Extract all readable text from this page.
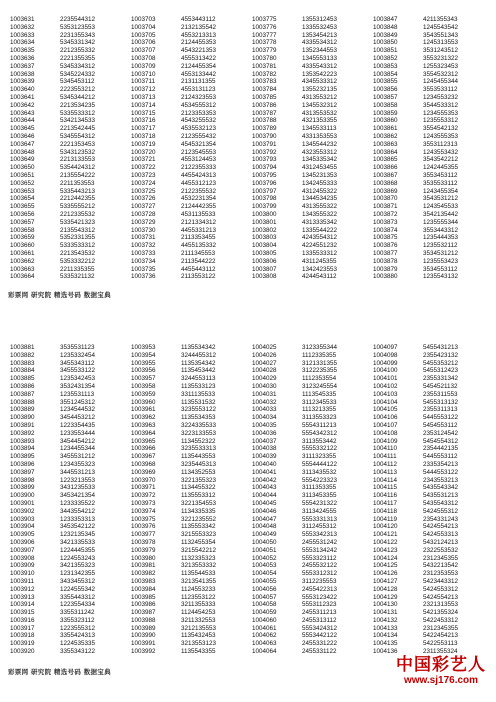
1003631	2235544312
1003632	5353123553
1003633	2231355343
1003634	5345331342
1003635	2212355332
1003636	2221355355
1003637	5345334312
1003638	5345224332
1003639	5345453112
1003640	2223553212
1003641	5345344212
1003642	2213534235
1003643	5335533312
1003644	5342134533
1003645	2213542445
1003646	5345554312
1003647	2221353453
1003648	5343123532
1003649	2213133553
1003650	5354424312
1003651	2135554222
1003652	2211353553
1003653	5335443213
1003654	2212442355
1003655	5335555212
1003656	2212335532
1003657	5335421323
1003658	2135543312
1003659	5352331355
1003660	5333533312
1003661	2213543532
1003662	5353332212
1003663	2211335355
1003664	5335321132
1003703	4553443112
1003704	2132135542
1003705	4553213313
1003706	2124455353
1003707	4543221353
1003708	4555313422
1003709	2124455354
1003710	4553133442
1003711	2131131355
1003712	4553131123
1003713	2124323553
1003714	4534555312
1003715	2123353353
1003716	4543255532
1003717	4535532123
1003718	2123555432
1003719	4545321354
1003720	2123545553
1003721	4553124453
1003722	2122355333
1003723	4455424313
1003724	4455312123
1003725	2122355532
1003726	4532231354
1003727	2124442355
1003728	4531135533
1003729	2121334312
1003730	4455331213
1003731	2113353455
1003732	4455135332
1003733	2111345553
1003734	2113544222
1003735	4455443112
1003736	2113553122
1003775	1355312453
1003776	1335532453
1003777	1353454213
1003778	4335534312
1003779	1352344553
1003780	1345553133
1003781	4335543312
1003782	1353542223
1003783	4345533312
1003784	1355232135
1003785	4313553212
1003786	1345532312
1003787	4313553532
1003788	4321353355
1003789	1345533113
1003790	4331353553
1003791	1345544232
1003792	4323553312
1003793	1345335342
1003794	4312453455
1003795	1345231353
1003796	1342455333
1003797	4312455322
1003798	1344534235
1003799	4313555322
1003800	1343555322
1003801	4313335342
1003802	1335544222
1003803	4243554312
1003804	4224551232
1003805	1335533312
1003806	4311245355
1003807	1342423553
1003808	4244543112
1003847	4211355343
1003848	1245543542
1003849	3543551343
1003850	1245313553
1003851	3531243512
1003852	3553231322
1003853	1255323453
1003854	3554532312
1003855	1245455344
1003856	3553533112
1003857	1234553232
1003858	3544533312
1003859	1234555353
1003860	1235553312
1003861	3554542132
1003862	1243555353
1003863	3553112313
1003864	1243553432
1003865	3543542212
1003866	1242445355
1003867	3553453112
1003868	3535533112
1003869	1243455354
1003870	3543531212
1003871	1243545533
1003872	3542135442
1003873	1235555344
1003874	3553443312
1003875	1235444353
1003876	1235532112
1003877	3534531212
1003878	1235553423
1003879	3534553112
1003880	1235543132
彩票网 研究院 精选号码 数据宝典
1003881	3535531123
1003882	1235332454
1003883	3455343112
1003884	3455533122
1003885	1235342453
1003886	3532431354
1003887	1235531113
1003888	3551245312
1003889	1234544532
1003890	3454453212
1003891	1223354435
1003892	1233553444
1003893	3454454212
1003894	1234455344
1003895	3455531212
1003896	1234355323
1003897	3445531213
1003898	1223213553
1003899	3431235533
1003900	3453421354
1003901	1233335522
1003902	3443554212
1003903	1233353313
1003904	3453542122
1003905	1232135345
1003906	3421335533
1003907	1224445355
1003908	1224553243
1003909	3421355323
1003910	1231342355
1003911	3433455312
1003912	1224555342
1003913	3355443312
1003914	1223554334
1003915	3355311242
1003916	3355323112
1003917	1223555312
1003918	3355424313
1003919	1224535335
1003920	3355343122
1003953	1135534342
1003954	3244455312
1003955	1135354342
1003956	1135453442
1003957	3244553113
1003958	1135533123
1003959	3311135533
1003960	1135531532
1003961	3235553122
1003962	1135534353
1003963	3224335533
1003964	3223133553
1003965	1134552322
1003966	3235533313
1003967	1135443553
1003968	3235445313
1003969	1134352553
1003970	3221355323
1003971	1134455322
1003972	1135553312
1003973	3221354553
1003974	1134335335
1003975	3221235552
1003976	1135553342
1003977	3215553323
1003978	1132455354
1003979	3215542212
1003980	1132335323
1003981	3213553332
1003982	1135544533
1003983	3213541355
1003984	1124553233
1003985	1123553122
1003986	3211355333
1003987	1124454253
1003988	3211332553
1003989	3212135553
1003990	1135432453
1003991	3213553123
1003992	1135543355
1004025	3123355344
1004026	1112335355
1004027	3121331355
1004028	3122235355
1004029	1112353554
1004030	3123245554
1004031	1113545335
1004032	3112345533
1004033	1113213355
1004034	3113553323
1004035	5554311213
1004036	5554342312
1004037	3113553442
1004038	5555332122
1004039	3111323355
1004040	5554444122
1004041	3113435532
1004042	5554223323
1004043	3111353355
1004044	3113453355
1004045	5554231322
1004046	3113424555
1004047	5553331313
1004048	3112455312
1004049	5553342313
1004050	2455531242
1004051	5553134242
1004052	5553323112
1004053	2455532122
1004054	5553312312
1004055	3112235553
1004056	2455422313
1004057	5553123422
1004058	5553112323
1004059	2455311213
1004060	2455313112
1004061	5553424312
1004062	5553442122
1004063	2455331222
1004064	2455331122
1004097	5455431213
1004098	2355423132
1004099	5455353212
1004100	5455312423
1004101	2355331342
1004102	5454521132
1004103	2355311553
1004104	5455313132
1004105	2355311313
1004106	5445553122
1004107	5454553112
1004108	2353124542
1004109	5454554312
1004110	2354442135
1004111	5445553112
1004112	2335354213
1004113	5444553122
1004114	2343553213
1004115	5435543342
1004116	5435531213
1004117	5435543312
1004118	5424555312
1004119	2354331243
1004120	5424554213
1004121	5424553313
1004122	5432124213
1004123	2322553532
1004124	2312345355
1004125	5432213542
1004126	2312353553
1004127	5423443312
1004128	5424553312
1004129	5424554213
1004130	2321313553
1004131	5421355324
1004132	5422453312
1004133	2312345355
1004134	5422454213
1004135	5422553113
1004136	2311355324
彩票网 研究院 精选号码 数据宝典	中国彩艺人
www.sj176.com
